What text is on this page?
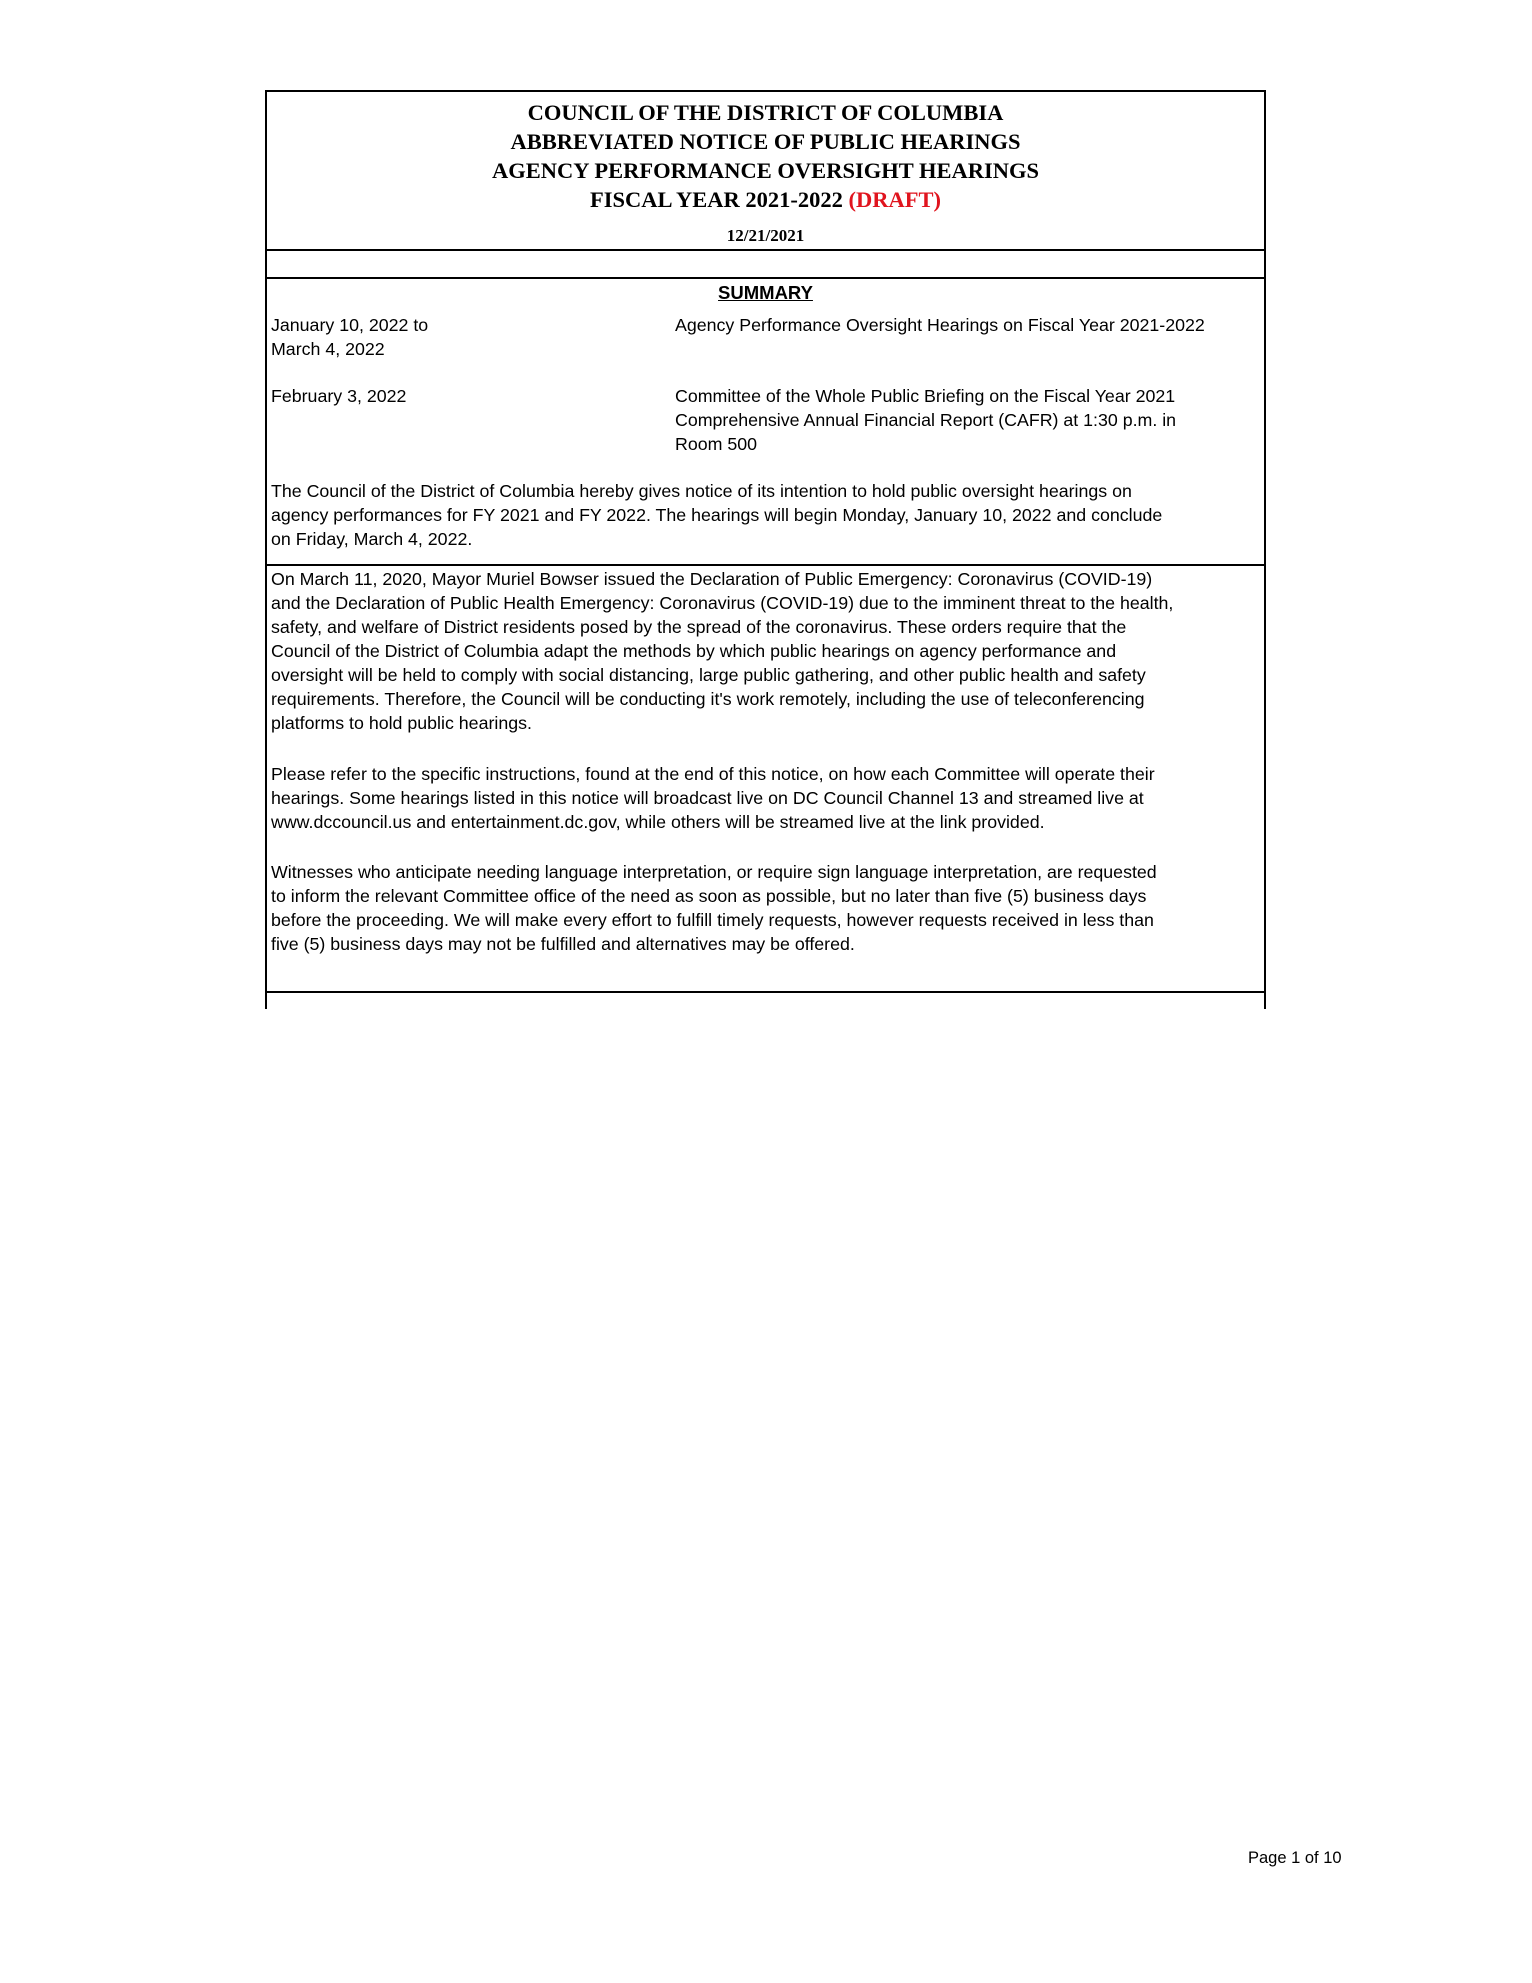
COUNCIL OF THE DISTRICT OF COLUMBIA
ABBREVIATED NOTICE OF PUBLIC HEARINGS
AGENCY PERFORMANCE OVERSIGHT HEARINGS
FISCAL YEAR 2021-2022 (DRAFT)
12/21/2021
SUMMARY
January 10, 2022 to
March 4, 2022
Agency Performance Oversight Hearings on Fiscal Year 2021-2022
February 3, 2022	Committee of the Whole Public Briefing on the Fiscal Year 2021
Comprehensive Annual Financial Report (CAFR) at 1:30 p.m. in
Room 500
The Council of the District of Columbia hereby gives notice of its intention to hold public oversight hearings on
agency performances for FY 2021 and FY 2022. The hearings will begin Monday, January 10, 2022 and conclude
on Friday, March 4, 2022.
On March 11, 2020, Mayor Muriel Bowser issued the Declaration of Public Emergency: Coronavirus (COVID-19)
and the Declaration of Public Health Emergency: Coronavirus (COVID-19) due to the imminent threat to the health,
safety, and welfare of District residents posed by the spread of the coronavirus. These orders require that the
Council of the District of Columbia adapt the methods by which public hearings on agency performance and
oversight will be held to comply with social distancing, large public gathering, and other public health and safety
requirements. Therefore, the Council will be conducting it's work remotely, including the use of teleconferencing
platforms to hold public hearings.
Please refer to the specific instructions, found at the end of this notice, on how each Committee will operate their
hearings. Some hearings listed in this notice will broadcast live on DC Council Channel 13 and streamed live at
www.dccouncil.us and entertainment.dc.gov, while others will be streamed live at the link provided.
Witnesses who anticipate needing language interpretation, or require sign language interpretation, are requested
to inform the relevant Committee office of the need as soon as possible, but no later than five (5) business days
before the proceeding. We will make every effort to fulfill timely requests, however requests received in less than
five (5) business days may not be fulfilled and alternatives may be offered.
Page 1 of 10
